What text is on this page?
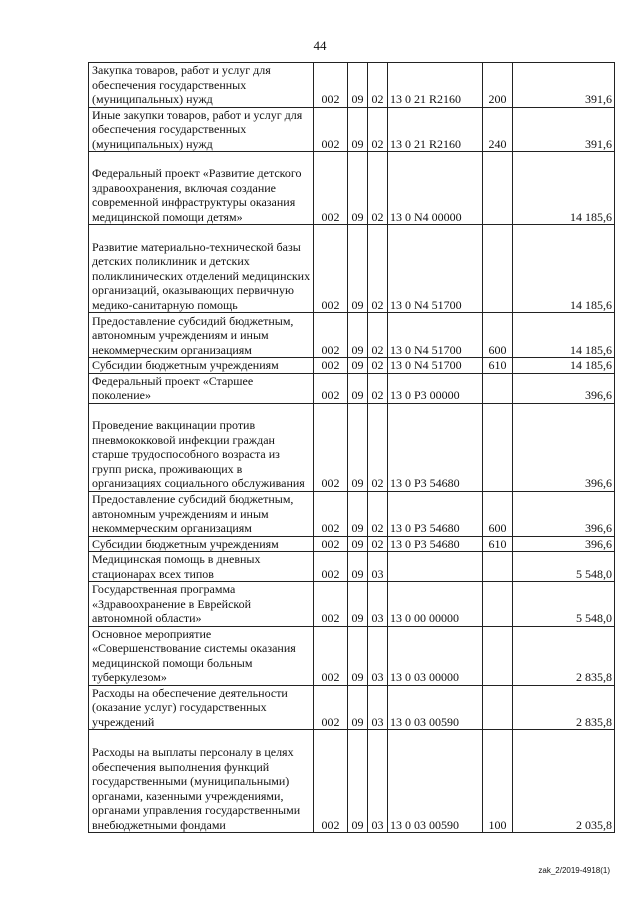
44
Закупка товаров, работ и услуг для обеспечения государственных (муниципальных) нужд	002	09	02	13 0 21 R2160	200	391,6
Иные закупки товаров, работ и услуг для обеспечения государственных (муниципальных) нужд	002	09	02	13 0 21 R2160	240	391,6
Федеральный проект «Развитие детского здравоохранения, включая создание современной инфраструктуры оказания медицинской помощи детям»	002	09	02	13 0 N4 00000		14 185,6
Развитие материально-технической базы детских поликлиник и детских поликлинических отделений медицинских организаций, оказывающих первичную медико-санитарную помощь	002	09	02	13 0 N4 51700		14 185,6
Предоставление субсидий бюджетным, автономным учреждениям и иным некоммерческим организациям	002	09	02	13 0 N4 51700	600	14 185,6
Субсидии бюджетным учреждениям	002	09	02	13 0 N4 51700	610	14 185,6
Федеральный проект «Старшее поколение»	002	09	02	13 0 P3 00000		396,6
Проведение вакцинации против пневмококковой инфекции граждан старше трудоспособного возраста из групп риска, проживающих в организациях социального обслуживания	002	09	02	13 0 P3 54680		396,6
Предоставление субсидий бюджетным, автономным учреждениям и иным некоммерческим организациям	002	09	02	13 0 P3 54680	600	396,6
Субсидии бюджетным учреждениям	002	09	02	13 0 P3 54680	610	396,6
Медицинская помощь в дневных стационарах всех типов	002	09	03			5 548,0
Государственная программа «Здравоохранение в Еврейской автономной области»	002	09	03	13 0 00 00000		5 548,0
Основное мероприятие «Совершенствование системы оказания медицинской помощи больным туберкулезом»	002	09	03	13 0 03 00000		2 835,8
Расходы на обеспечение деятельности (оказание услуг) государственных учреждений	002	09	03	13 0 03 00590		2 835,8
Расходы на выплаты персоналу в целях обеспечения выполнения функций государственными (муниципальными) органами, казенными учреждениями, органами управления государственными внебюджетными фондами	002	09	03	13 0 03 00590	100	2 035,8
zak_2/2019-4918(1)
